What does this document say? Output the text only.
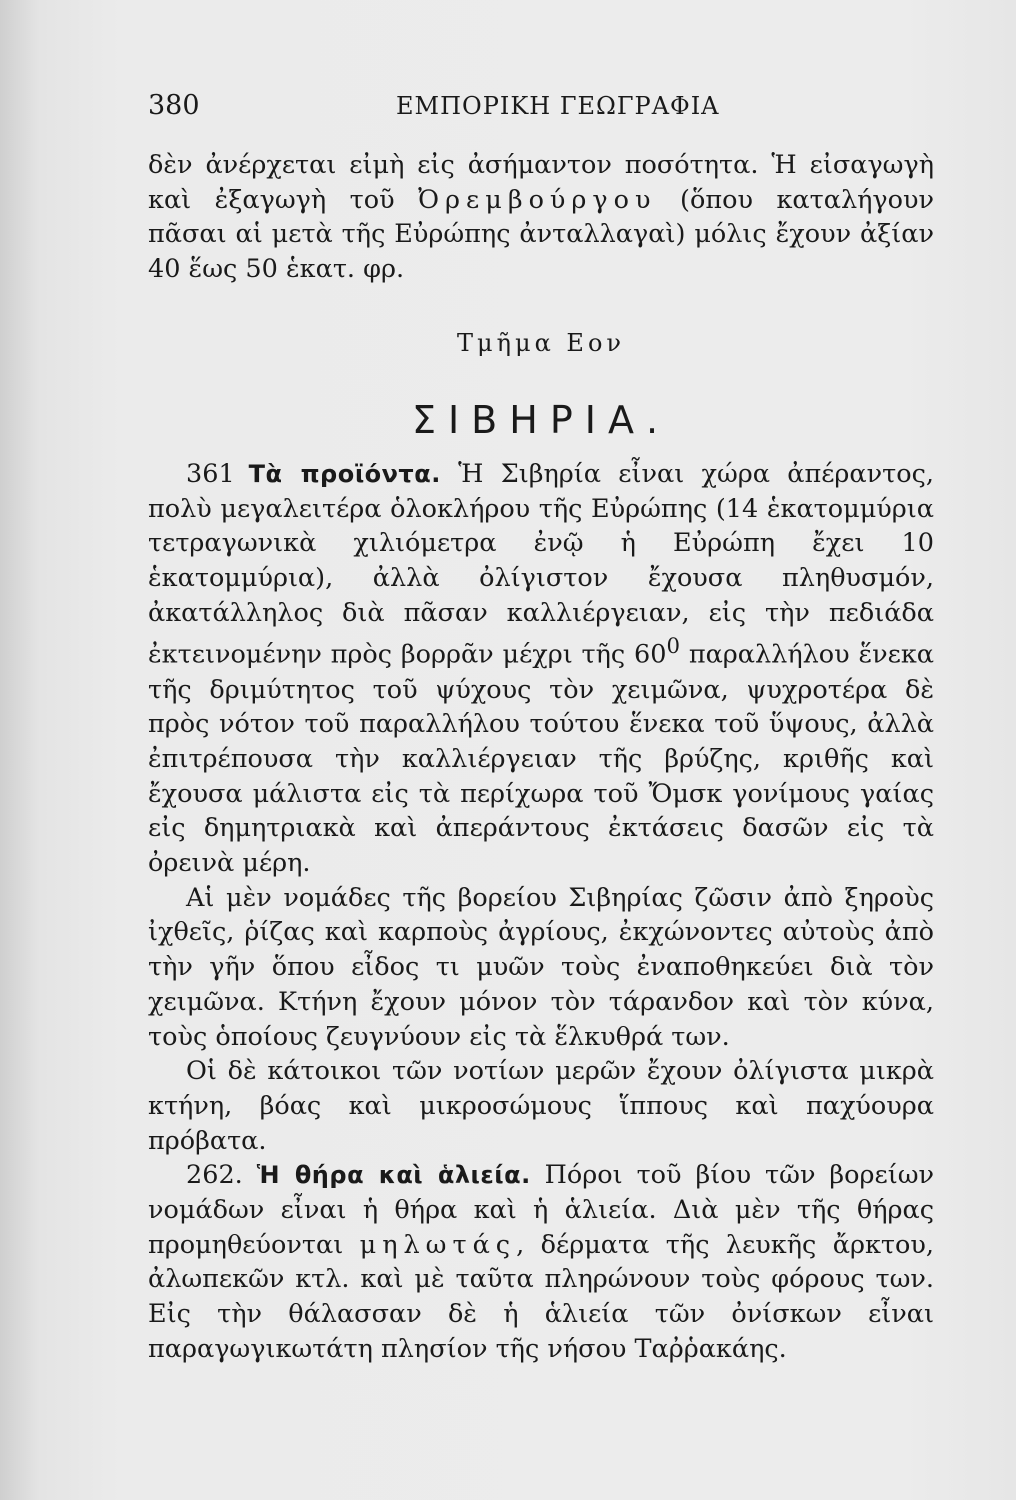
380	ΕΜΠΟΡΙΚΗ ΓΕΩΓΡΑΦΙΑ

δὲν ἀνέρχεται εἰμὴ εἰς ἀσήμαντον ποσότητα. Ἡ εἰσαγωγὴ καὶ ἐξαγωγὴ τοῦ Ὀρεμβούργου (ὅπου καταλήγουν πᾶσαι αἱ μετὰ τῆς Εὐρώπης ἀνταλλαγαὶ) μόλις ἔχουν ἀξίαν 40 ἕως 50 ἑκατ. φρ.

Τμῆμα Εον
ΣΙΒΗΡΙΑ.

361 Τὰ προϊόντα. Ἡ Σιβηρία εἶναι χώρα ἀπέραντος, πολὺ μεγαλειτέρα ὁλοκλήρου τῆς Εὐρώπης (14 ἑκατομμύρια τετραγωνικὰ χιλιόμετρα ἐνῷ ἡ Εὐρώπη ἔχει 10 ἑκατομμύρια), ἀλλὰ ὀλίγιστον ἔχουσα πληθυσμόν, ἀκατάλληλος διὰ πᾶσαν καλλιέργειαν, εἰς τὴν πεδιάδα ἐκτεινομένην πρὸς βορρᾶν μέχρι τῆς $60^0$ παραλλήλου ἕνεκα τῆς δριμύτητος τοῦ ψύχους τὸν χειμῶνα, ψυχροτέρα δὲ πρὸς νότον τοῦ παραλλήλου τούτου ἕνεκα τοῦ ὕψους, ἀλλὰ ἐπιτρέπουσα τὴν καλλιέργειαν τῆς βρύζης, κριθῆς καὶ ἔχουσα μάλιστα εἰς τὰ περίχωρα τοῦ Ὄμσκ γονίμους γαίας εἰς δημητριακὰ καὶ ἀπεράντους ἐκτάσεις δασῶν εἰς τὰ ὀρεινὰ μέρη.

Αἱ μὲν νομάδες τῆς βορείου Σιβηρίας ζῶσιν ἀπὸ ξηροὺς ἰχθεῖς, ῥίζας καὶ καρποὺς ἀγρίους, ἐκχώνοντες αὐτοὺς ἀπὸ τὴν γῆν ὅπου εἶδος τι μυῶν τοὺς ἐναποθηκεύει διὰ τὸν χειμῶνα. Κτήνη ἔχουν μόνον τὸν τάρανδον καὶ τὸν κύνα, τοὺς ὁποίους ζευγνύουν εἰς τὰ ἕλκυθρά των.

Οἱ δὲ κάτοικοι τῶν νοτίων μερῶν ἔχουν ὀλίγιστα μικρὰ κτήνη, βόας καὶ μικροσώμους ἵππους καὶ παχύουρα πρόβατα.

262. Ἡ θήρα καὶ ἁλιεία. Πόροι τοῦ βίου τῶν βορείων νομάδων εἶναι ἡ θήρα καὶ ἡ ἁλιεία. Διὰ μὲν τῆς θήρας προμηθεύονται μηλωτάς, δέρματα τῆς λευκῆς ἄρκτου, ἀλωπεκῶν κτλ. καὶ μὲ ταῦτα πληρώνουν τοὺς φόρους των. Εἰς τὴν θάλασσαν δὲ ἡ ἁλιεία τῶν ὀνίσκων εἶναι παραγωγικωτάτη πλησίον τῆς νήσου Ταῤῥακάης.
